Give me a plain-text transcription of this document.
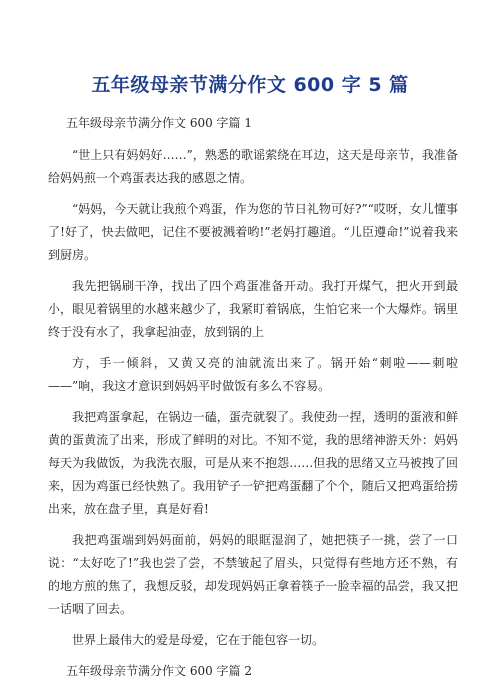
五年级母亲节满分作文 600 字 5 篇

五年级母亲节满分作文 600 字篇 1

“世上只有妈妈好……”，熟悉的歌谣萦绕在耳边，这天是母亲节，我准备给妈妈煎一个鸡蛋表达我的感恩之情。

“妈妈，今天就让我煎个鸡蛋，作为您的节日礼物可好?”“哎呀，女儿懂事了!好了，快去做吧，记住不要被溅着哟!”老妈打趣道。“儿臣遵命!”说着我来到厨房。

我先把锅刷干净，找出了四个鸡蛋准备开动。我打开煤气，把火开到最小，眼见着锅里的水越来越少了，我紧盯着锅底，生怕它来一个大爆炸。锅里终于没有水了，我拿起油壶，放到锅的上

方，手一倾斜，又黄又亮的油就流出来了。锅开始“刺啦——刺啦——”响，我这才意识到妈妈平时做饭有多么不容易。

我把鸡蛋拿起，在锅边一磕，蛋壳就裂了。我使劲一捏，透明的蛋液和鲜黄的蛋黄流了出来，形成了鲜明的对比。不知不觉，我的思绪神游天外：妈妈每天为我做饭，为我洗衣服，可是从来不抱怨……但我的思绪又立马被拽了回来，因为鸡蛋已经快熟了。我用铲子一铲把鸡蛋翻了个个，随后又把鸡蛋给捞出来，放在盘子里，真是好看!

我把鸡蛋端到妈妈面前，妈妈的眼眶湿润了，她把筷子一挑，尝了一口说：“太好吃了!”我也尝了尝，不禁皱起了眉头，只觉得有些地方还不熟，有的地方煎的焦了，我想反驳，却发现妈妈正拿着筷子一脸幸福的品尝，我又把一话咽了回去。

世界上最伟大的爱是母爱，它在于能包容一切。

五年级母亲节满分作文 600 字篇 2
